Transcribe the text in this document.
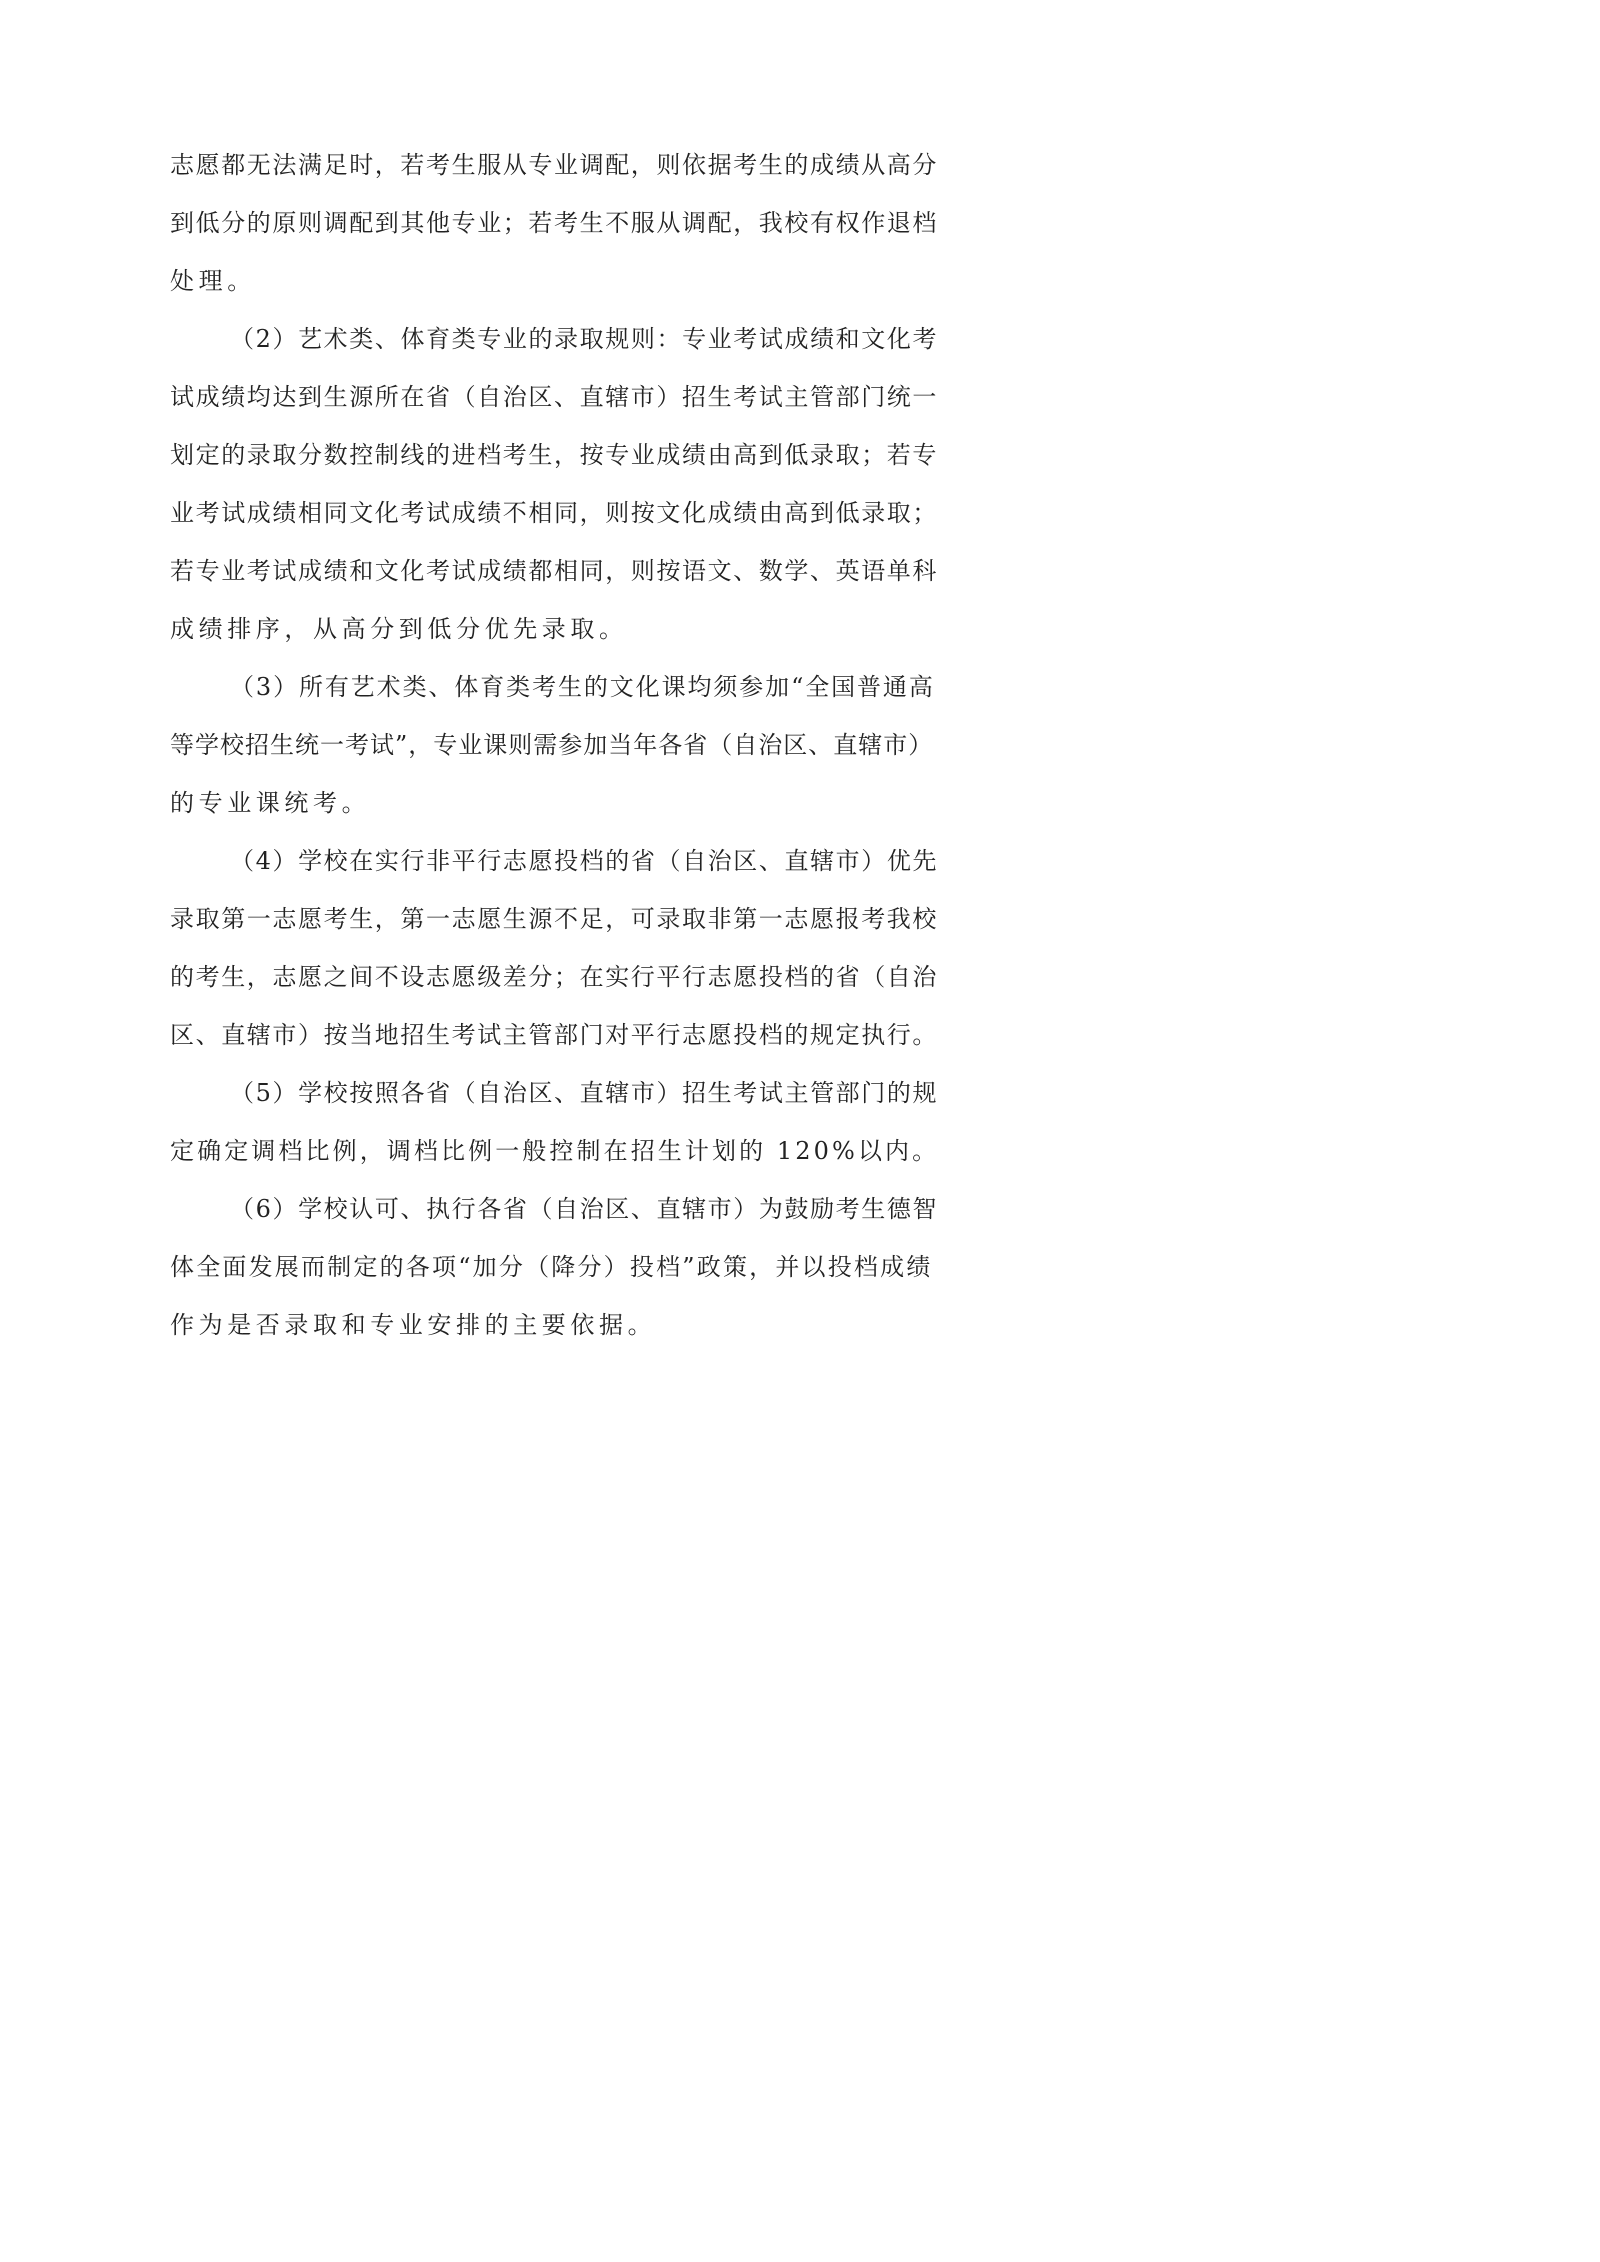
志愿都无法满足时，若考生服从专业调配，则依据考生的成绩从高分
到低分的原则调配到其他专业；若考生不服从调配，我校有权作退档
处理。
（2）艺术类、体育类专业的录取规则：专业考试成绩和文化考
试成绩均达到生源所在省（自治区、直辖市）招生考试主管部门统一
划定的录取分数控制线的进档考生，按专业成绩由高到低录取；若专
业考试成绩相同文化考试成绩不相同，则按文化成绩由高到低录取；
若专业考试成绩和文化考试成绩都相同，则按语文、数学、英语单科
成绩排序，从高分到低分优先录取。
（3）所有艺术类、体育类考生的文化课均须参加“全国普通高
等学校招生统一考试”，专业课则需参加当年各省（自治区、直辖市）
的专业课统考。
（4）学校在实行非平行志愿投档的省（自治区、直辖市）优先
录取第一志愿考生，第一志愿生源不足，可录取非第一志愿报考我校
的考生，志愿之间不设志愿级差分；在实行平行志愿投档的省（自治
区、直辖市）按当地招生考试主管部门对平行志愿投档的规定执行。
（5）学校按照各省（自治区、直辖市）招生考试主管部门的规
定确定调档比例，调档比例一般控制在招生计划的 120%以内。
（6）学校认可、执行各省（自治区、直辖市）为鼓励考生德智
体全面发展而制定的各项“加分（降分）投档”政策，并以投档成绩
作为是否录取和专业安排的主要依据。
